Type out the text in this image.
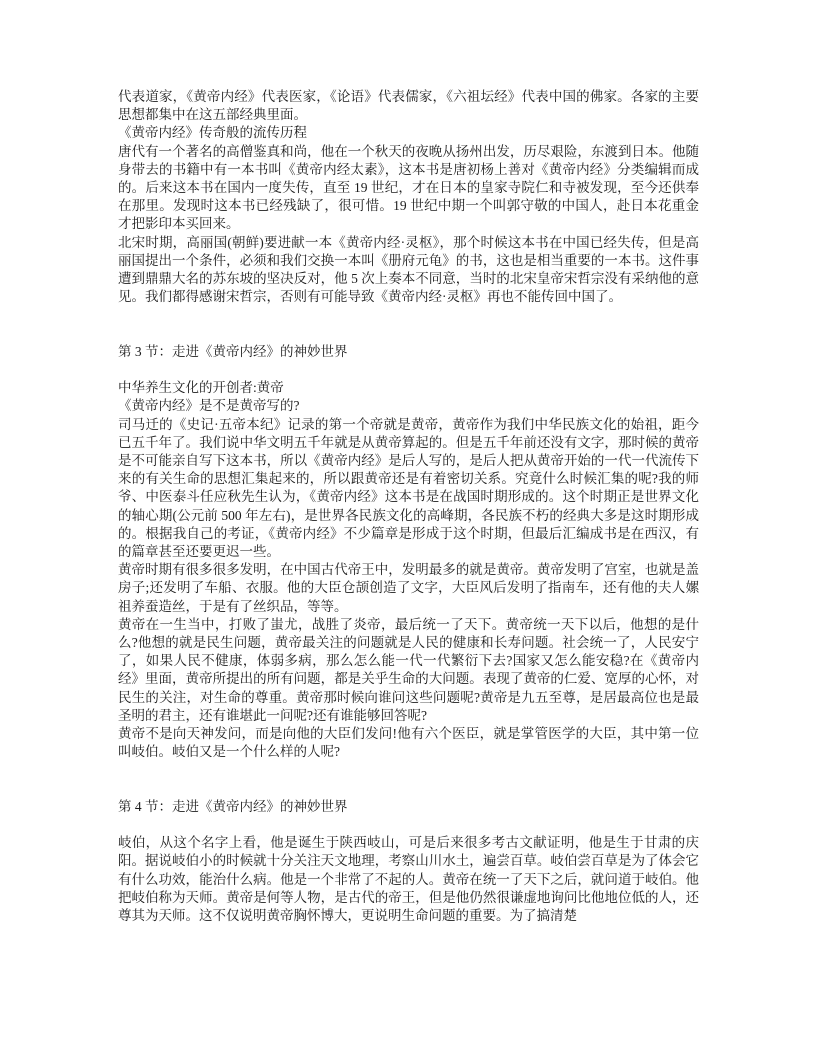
代表道家，《黄帝内经》代表医家，《论语》代表儒家，《六祖坛经》代表中国的佛家。各家的主要思想都集中在这五部经典里面。

《黄帝内经》传奇般的流传历程

唐代有一个著名的高僧鉴真和尚，他在一个秋天的夜晚从扬州出发，历尽艰险，东渡到日本。他随身带去的书籍中有一本书叫《黄帝内经太素》，这本书是唐初杨上善对《黄帝内经》分类编辑而成的。后来这本书在国内一度失传，直至 19 世纪，才在日本的皇家寺院仁和寺被发现，至今还供奉在那里。发现时这本书已经残缺了，很可惜。19 世纪中期一个叫郭守敬的中国人，赴日本花重金才把影印本买回来。

北宋时期，高丽国(朝鲜)要进献一本《黄帝内经·灵枢》，那个时候这本书在中国已经失传，但是高丽国提出一个条件，必须和我们交换一本叫《册府元龟》的书，这也是相当重要的一本书。这件事遭到鼎鼎大名的苏东坡的坚决反对，他 5 次上奏本不同意，当时的北宋皇帝宋哲宗没有采纳他的意见。我们都得感谢宋哲宗，否则有可能导致《黄帝内经·灵枢》再也不能传回中国了。

第 3 节：走进《黄帝内经》的神妙世界

中华养生文化的开创者:黄帝

《黄帝内经》是不是黄帝写的?

司马迁的《史记·五帝本纪》记录的第一个帝就是黄帝，黄帝作为我们中华民族文化的始祖，距今已五千年了。我们说中华文明五千年就是从黄帝算起的。但是五千年前还没有文字，那时候的黄帝是不可能亲自写下这本书，所以《黄帝内经》是后人写的，是后人把从黄帝开始的一代一代流传下来的有关生命的思想汇集起来的，所以跟黄帝还是有着密切关系。究竟什么时候汇集的呢?我的师爷、中医泰斗任应秋先生认为，《黄帝内经》这本书是在战国时期形成的。这个时期正是世界文化的轴心期(公元前 500 年左右)，是世界各民族文化的高峰期，各民族不朽的经典大多是这时期形成的。根据我自己的考证，《黄帝内经》不少篇章是形成于这个时期，但最后汇编成书是在西汉，有的篇章甚至还要更迟一些。

黄帝时期有很多很多发明，在中国古代帝王中，发明最多的就是黄帝。黄帝发明了宫室，也就是盖房子;还发明了车船、衣服。他的大臣仓颉创造了文字，大臣风后发明了指南车，还有他的夫人嫘祖养蚕造丝，于是有了丝织品，等等。

黄帝在一生当中，打败了蚩尤，战胜了炎帝，最后统一了天下。黄帝统一天下以后，他想的是什么?他想的就是民生问题，黄帝最关注的问题就是人民的健康和长寿问题。社会统一了，人民安宁了，如果人民不健康，体弱多病，那么怎么能一代一代繁衍下去?国家又怎么能安稳?在《黄帝内经》里面，黄帝所提出的所有问题，都是关乎生命的大问题。表现了黄帝的仁爱、宽厚的心怀，对民生的关注，对生命的尊重。黄帝那时候向谁问这些问题呢?黄帝是九五至尊，是居最高位也是最圣明的君主，还有谁堪此一问呢?还有谁能够回答呢?

黄帝不是向天神发问，而是向他的大臣们发问!他有六个医臣，就是掌管医学的大臣，其中第一位叫岐伯。岐伯又是一个什么样的人呢?

第 4 节：走进《黄帝内经》的神妙世界

岐伯，从这个名字上看，他是诞生于陕西岐山，可是后来很多考古文献证明，他是生于甘肃的庆阳。据说岐伯小的时候就十分关注天文地理，考察山川水土，遍尝百草。岐伯尝百草是为了体会它有什么功效，能治什么病。他是一个非常了不起的人。黄帝在统一了天下之后，就问道于岐伯。他把岐伯称为天师。黄帝是何等人物，是古代的帝王，但是他仍然很谦虚地询问比他地位低的人，还尊其为天师。这不仅说明黄帝胸怀博大，更说明生命问题的重要。为了搞清楚
